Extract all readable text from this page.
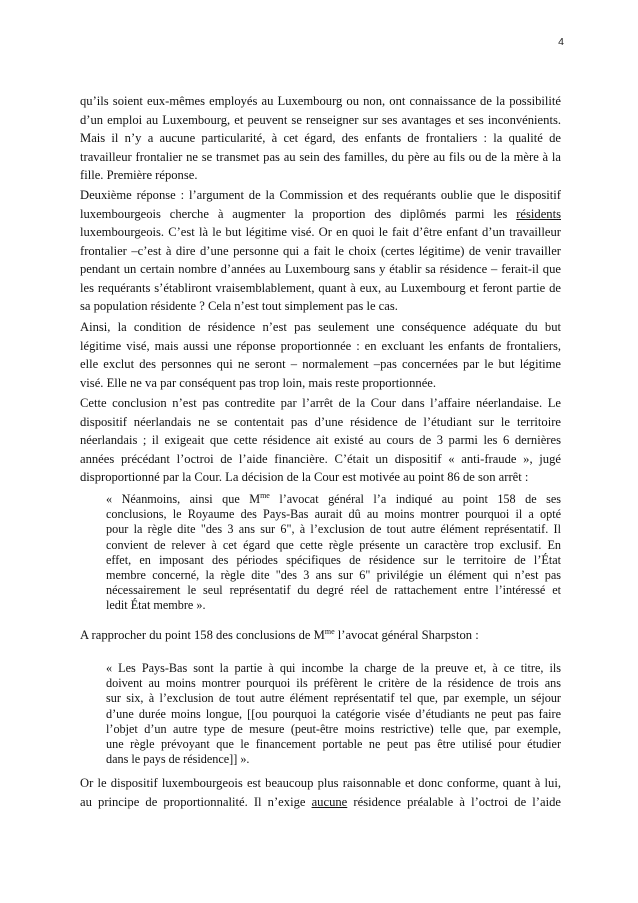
4
qu’ils soient eux-mêmes employés au Luxembourg ou non, ont connaissance de la possibilité
d’un emploi au Luxembourg, et peuvent se renseigner sur ses avantages et ses inconvénients.
Mais il n’y a aucune particularité, à cet égard, des enfants de frontaliers : la qualité de
travailleur frontalier ne se transmet pas au sein des familles, du père au fils ou de la mère à la
fille. Première réponse.
Deuxième réponse : l’argument de la Commission et des requérants oublie que le dispositif
luxembourgeois cherche à augmenter la proportion des diplômés parmi les résidents
luxembourgeois. C’est là le but légitime visé. Or en quoi le fait d’être enfant d’un travailleur
frontalier –c’est à dire d’une personne qui a fait le choix (certes légitime) de venir travailler
pendant un certain nombre d’années au Luxembourg sans y établir sa résidence – ferait-il que
les requérants s’établiront vraisemblablement, quant à eux, au Luxembourg et feront partie de
sa population résidente ? Cela n’est tout simplement pas le cas.
Ainsi, la condition de résidence n’est pas seulement une conséquence adéquate du but
légitime visé, mais aussi une réponse proportionnée : en excluant les enfants de frontaliers,
elle exclut des personnes qui ne seront – normalement –pas concernées par le but légitime
visé. Elle ne va par conséquent pas trop loin, mais reste proportionnée.
Cette conclusion n’est pas contredite par l’arrêt de la Cour dans l’affaire néerlandaise. Le
dispositif néerlandais ne se contentait pas d’une résidence de l’étudiant sur le territoire
néerlandais ; il exigeait que cette résidence ait existé au cours de 3 parmi les 6 dernières
années précédant l’octroi de l’aide financière. C’était un dispositif « anti-fraude », jugé
disproportionné par la Cour. La décision de la Cour est motivée au point 86 de son arrêt :
« Néanmoins, ainsi que $M^{me}$ l’avocat général l’a indiqué au point 158 de ses
conclusions, le Royaume des Pays-Bas aurait dû au moins montrer pourquoi il a opté
pour la règle dite "des 3 ans sur 6", à l’exclusion de tout autre élément représentatif. Il
convient de relever à cet égard que cette règle présente un caractère trop exclusif. En
effet, en imposant des périodes spécifiques de résidence sur le territoire de l’État
membre concerné, la règle dite "des 3 ans sur 6" privilégie un élément qui n’est pas
nécessairement le seul représentatif du degré réel de rattachement entre l’intéressé et
ledit État membre ».
A rapprocher du point 158 des conclusions de $M^{me}$ l’avocat général Sharpston :
« Les Pays-Bas sont la partie à qui incombe la charge de la preuve et, à ce titre, ils
doivent au moins montrer pourquoi ils préfèrent le critère de la résidence de trois ans
sur six, à l’exclusion de tout autre élément représentatif tel que, par exemple, un séjour
d’une durée moins longue, [[ou pourquoi la catégorie visée d’étudiants ne peut pas faire
l’objet d’un autre type de mesure (peut-être moins restrictive) telle que, par exemple,
une règle prévoyant que le financement portable ne peut pas être utilisé pour étudier
dans le pays de résidence]] ».
Or le dispositif luxembourgeois est beaucoup plus raisonnable et donc conforme, quant à lui,
au principe de proportionnalité. Il n’exige aucune résidence préalable à l’octroi de l’aide
